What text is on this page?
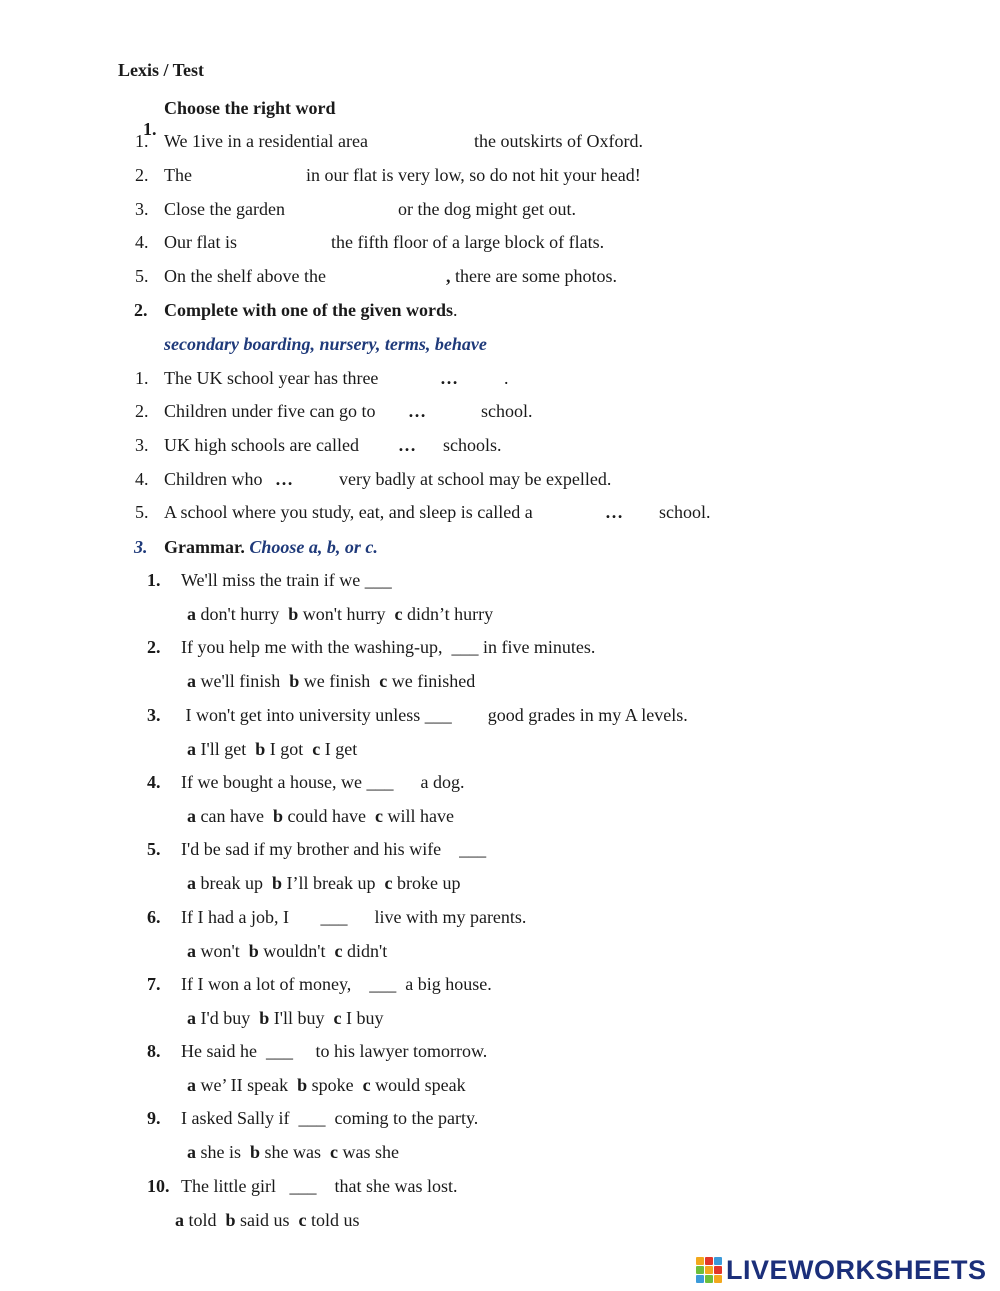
Lexis / Test

1.

Choose the right word
1. We 1ive in a residential area	the outskirts of Oxford.
2. The	in our flat is very low, so do not hit your head!
3. Close the garden	or the dog might get out.
4. Our flat is	the fifth floor of a large block of flats.
5. On the shelf above the	, there are some photos.
2. Complete with one of the given words.
secondary boarding, nursery, terms, behave
1. The UK school year has three	…	.
2. Children under five can go to …	school.
3. UK high schools are called … schools.
4. Children who …	very badly at school may be expelled.
5. A school where you study, eat, and sleep is called a	… school.
3. Grammar. Choose a, b, or c.
1. We'll miss the train if we ___
a don't hurry b won't hurry c didn’t hurry
2. If you help me with the washing-up,  ___ in five minutes.
a we'll finish b we finish c we finished
3. I won't get into university unless ___        good grades in my A levels.
a I'll get b I got c I get
4. If we bought a house, we ___      a dog.
a can have b could have c will have
5. I'd be sad if my brother and his wife    ___
a break up b I’ll break up c broke up
6. If I had a job, I       ___      live with my parents.
a won't b wouldn't c didn't
7. If I won a lot of money,    ___  a big house.
a I'd buy b I'll buy c I buy
8. He said he  ___     to his lawyer tomorrow.
a we’ II speak b spoke c would speak
9. I asked Sally if  ___  coming to the party.
a she is b she was c was she
10. The little girl   ___    that she was lost.
a told b said us c told us
LIVEWORKSHEETS
